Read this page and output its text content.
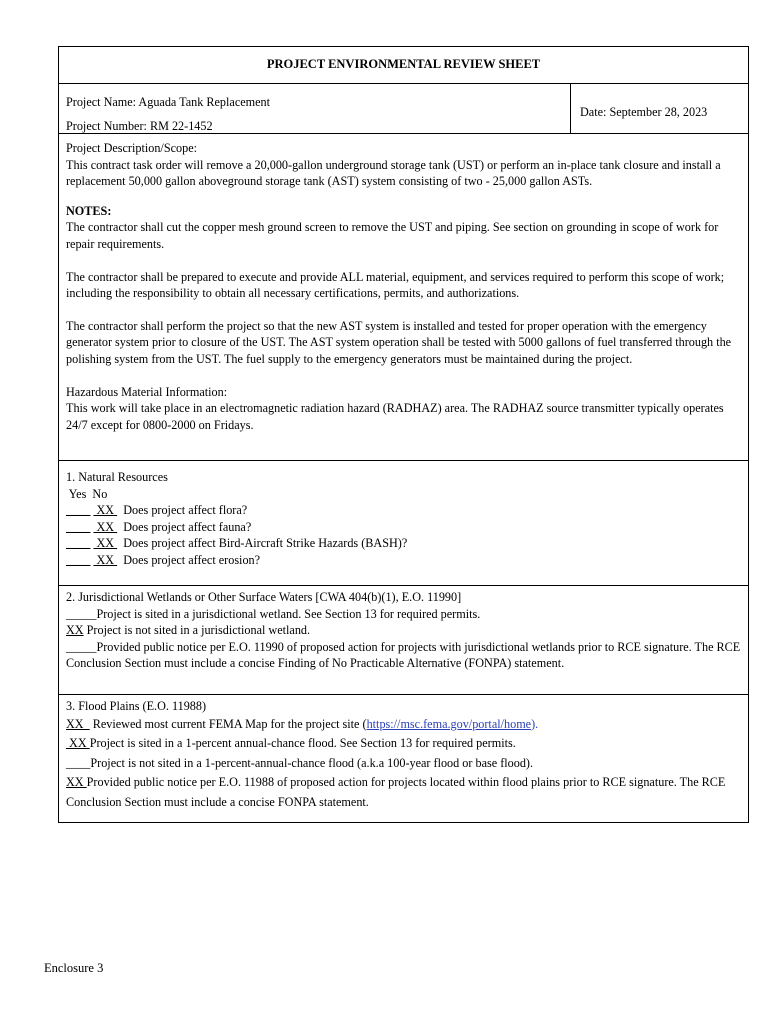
PROJECT ENVIRONMENTAL REVIEW SHEET
Project Name: Aguada Tank Replacement
Project Number: RM 22-1452
Date: September 28, 2023

Project Description/Scope:

This contract task order will remove a 20,000-gallon underground storage tank (UST) or perform an in-place tank closure and install a replacement 50,000 gallon aboveground storage tank (AST) system consisting of two - 25,000 gallon ASTs.

NOTES:

The contractor shall cut the copper mesh ground screen to remove the UST and piping. See section on grounding in scope of work for repair requirements.

The contractor shall be prepared to execute and provide ALL material, equipment, and services required to perform this scope of work; including the responsibility to obtain all necessary certifications, permits, and authorizations.

The contractor shall perform the project so that the new AST system is installed and tested for proper operation with the emergency generator system prior to closure of the UST. The AST system operation shall be tested with 5000 gallons of fuel transferred through the polishing system from the UST. The fuel supply to the emergency generators must be maintained during the project.

Hazardous Material Information:

This work will take place in an electromagnetic radiation hazard (RADHAZ) area. The RADHAZ source transmitter typically operates 24/7 except for 0800-2000 on Fridays.

1. Natural Resources

Yes  No

____  XX   Does project affect flora?

____  XX   Does project affect fauna?

____  XX   Does project affect Bird-Aircraft Strike Hazards (BASH)?

____  XX   Does project affect erosion?

2. Jurisdictional Wetlands or Other Surface Waters [CWA 404(b)(1), E.O. 11990]

_____Project is sited in a jurisdictional wetland. See Section 13 for required permits.

XX Project is not sited in a jurisdictional wetland.

_____Provided public notice per E.O. 11990 of proposed action for projects with jurisdictional wetlands prior to RCE signature. The RCE Conclusion Section must include a concise Finding of No Practicable Alternative (FONPA) statement.

3. Flood Plains (E.O. 11988)

XX   Reviewed most current FEMA Map for the project site (https://msc.fema.gov/portal/home).

XX Project is sited in a 1-percent annual-chance flood. See Section 13 for required permits.

____Project is not sited in a 1-percent-annual-chance flood (a.k.a 100-year flood or base flood).

XX Provided public notice per E.O. 11988 of proposed action for projects located within flood plains prior to RCE signature. The RCE Conclusion Section must include a concise FONPA statement.

Enclosure 3
